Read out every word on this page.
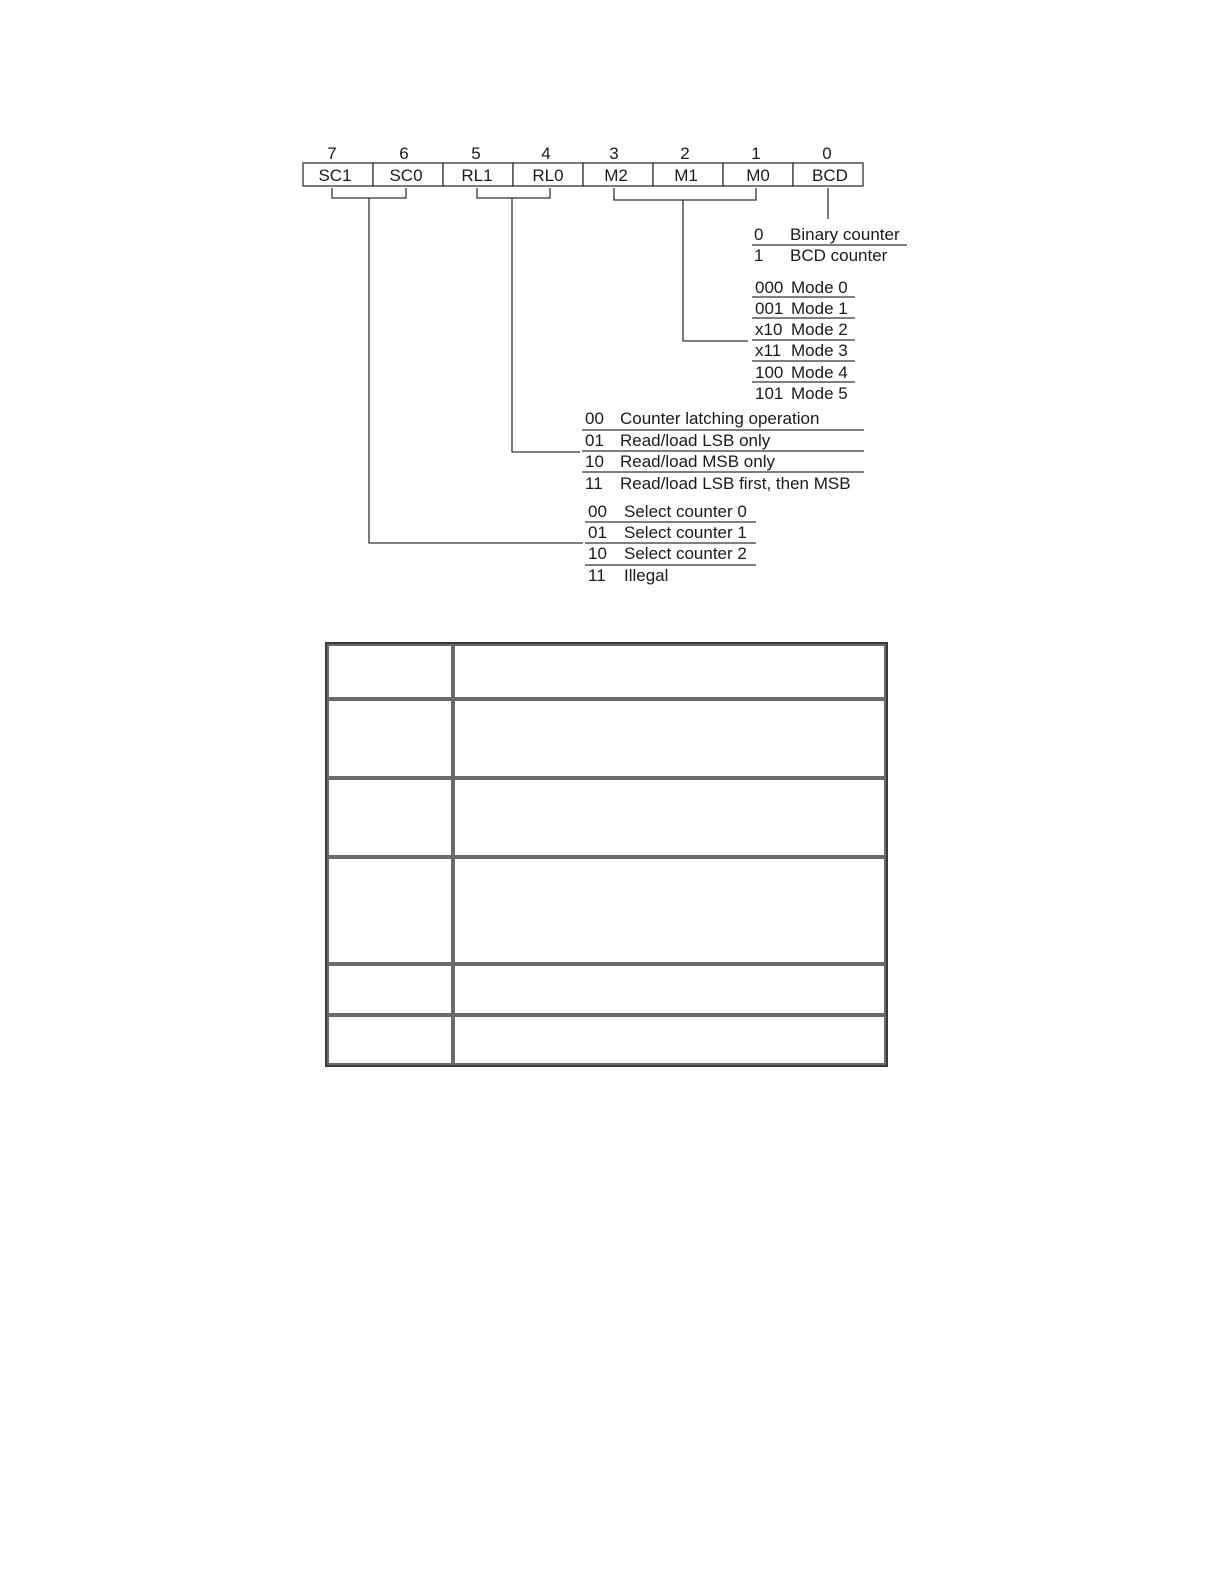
7	6	5	4	3	2	1	0
SC1 SC0 RL1 RL0 M2	M1	M0 BCD
0 Binary counter
1 BCD counter
000 Mode 0
001 Mode 1
x10 Mode 2
x11 Mode 3
100 Mode 4
101 Mode 5
00 Counter latching operation
01 Read/load LSB only
10 Read/load MSB only
11 Read/load LSB first, then MSB
00 Select counter 0
01 Select counter 1
10 Select counter 2
11 Illegal
